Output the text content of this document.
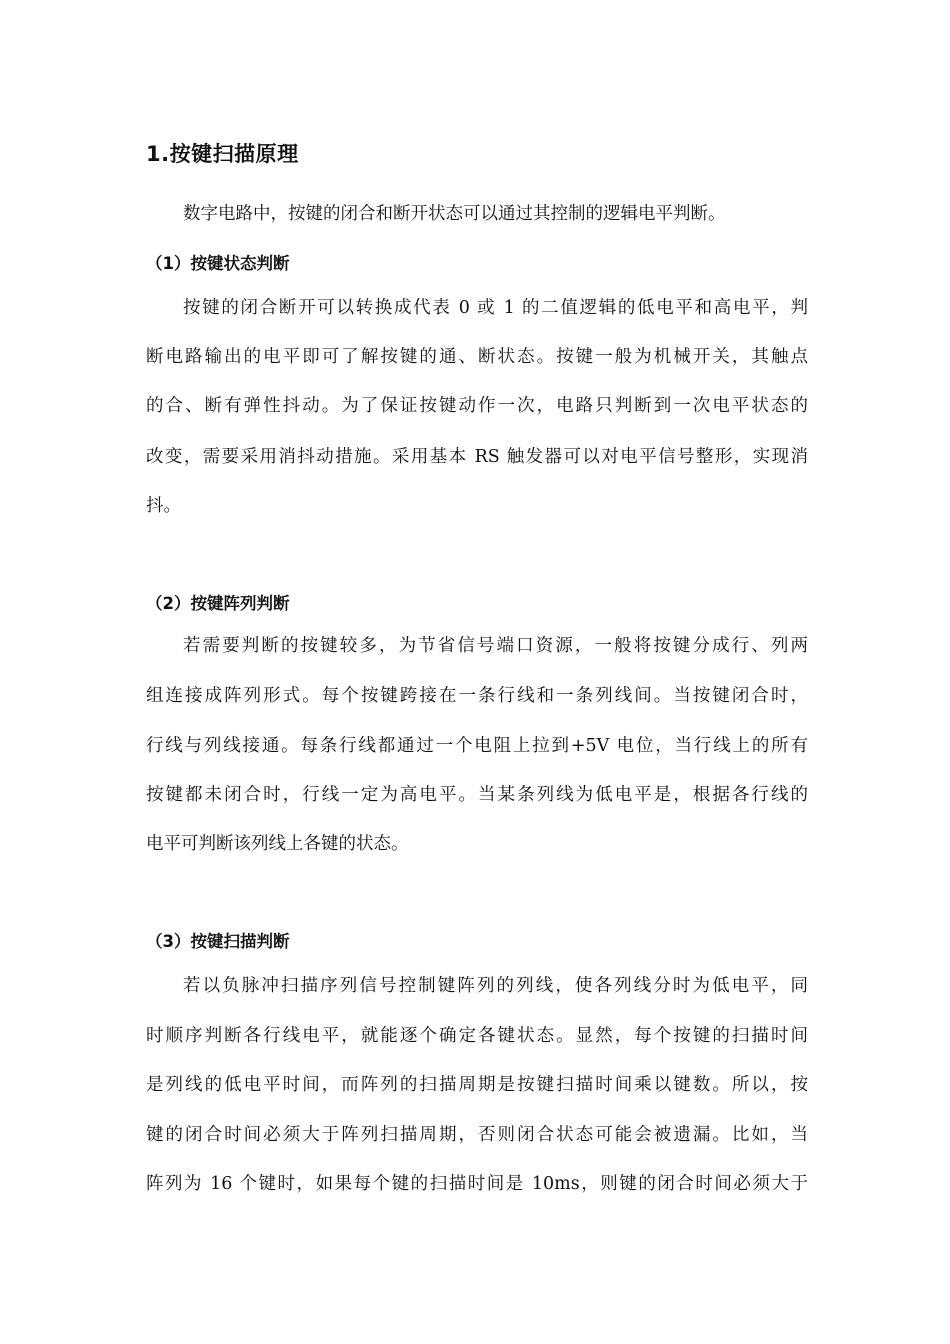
1.按键扫描原理
数字电路中，按键的闭合和断开状态可以通过其控制的逻辑电平判断。
（1）按键状态判断
按键的闭合断开可以转换成代表 0 或 1 的二值逻辑的低电平和高电平，判
断电路输出的电平即可了解按键的通、断状态。按键一般为机械开关，其触点
的合、断有弹性抖动。为了保证按键动作一次，电路只判断到一次电平状态的
改变，需要采用消抖动措施。采用基本 RS 触发器可以对电平信号整形，实现消
抖。
（2）按键阵列判断
若需要判断的按键较多，为节省信号端口资源，一般将按键分成行、列两
组连接成阵列形式。每个按键跨接在一条行线和一条列线间。当按键闭合时，
行线与列线接通。每条行线都通过一个电阻上拉到+5V 电位，当行线上的所有
按键都未闭合时，行线一定为高电平。当某条列线为低电平是，根据各行线的
电平可判断该列线上各键的状态。
（3）按键扫描判断
若以负脉冲扫描序列信号控制键阵列的列线，使各列线分时为低电平，同
时顺序判断各行线电平，就能逐个确定各键状态。显然，每个按键的扫描时间
是列线的低电平时间，而阵列的扫描周期是按键扫描时间乘以键数。所以，按
键的闭合时间必须大于阵列扫描周期，否则闭合状态可能会被遗漏。比如，当
阵列为 16 个键时，如果每个键的扫描时间是 10ms，则键的闭合时间必须大于
